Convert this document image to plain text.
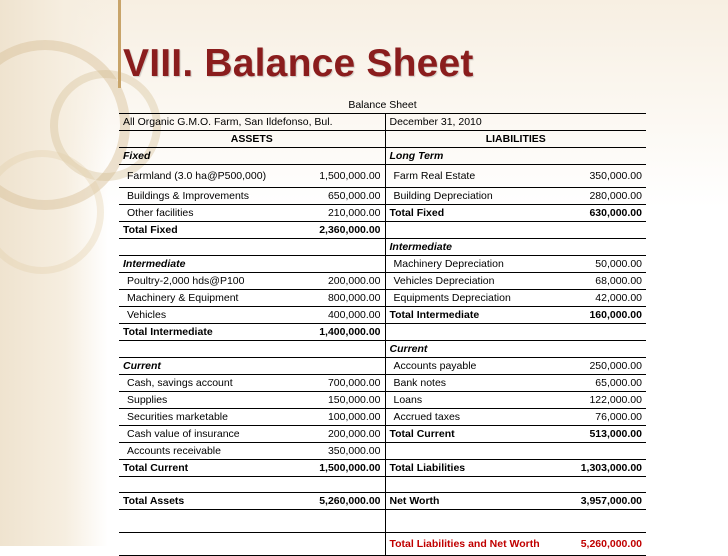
VIII. Balance Sheet
Balance Sheet			
All Organic G.M.O. Farm, San Ildefonso, Bul.		December 31, 2010	
ASSETS		LIABILITIES	
Fixed		Long Term	
Farmland (3.0 ha@P500,000)	1,500,000.00	Farm Real Estate	350,000.00
Buildings & Improvements	650,000.00	Building Depreciation	280,000.00
Other facilities	210,000.00	Total Fixed	630,000.00
Total Fixed	2,360,000.00		
		Intermediate	
Intermediate		Machinery Depreciation	50,000.00
Poultry-2,000 hds@P100	200,000.00	Vehicles Depreciation	68,000.00
Machinery & Equipment	800,000.00	Equipments Depreciation	42,000.00
Vehicles	400,000.00	Total Intermediate	160,000.00
Total Intermediate	1,400,000.00		
		Current	
Current		Accounts payable	250,000.00
Cash, savings account	700,000.00	Bank notes	65,000.00
Supplies	150,000.00	Loans	122,000.00
Securities marketable	100,000.00	Accrued taxes	76,000.00
Cash value of insurance	200,000.00	Total Current	513,000.00
Accounts receivable	350,000.00		
Total Current	1,500,000.00	Total Liabilities	1,303,000.00

Total Assets	5,260,000.00	Net Worth	3,957,000.00

		Total Liabilities and Net Worth	5,260,000.00
